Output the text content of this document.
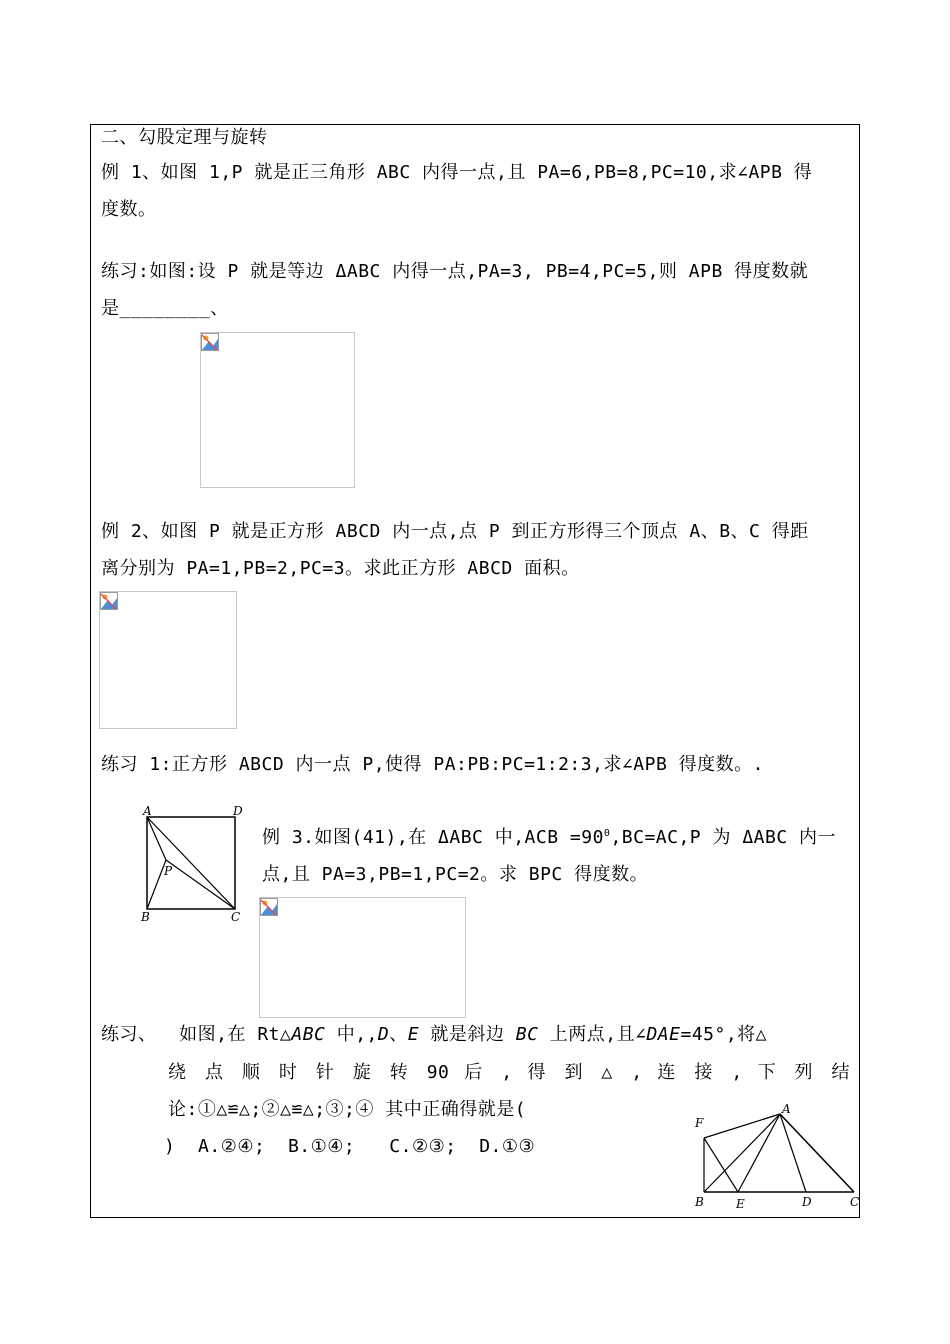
二、勾股定理与旋转
例 1、如图 1,P 就是正三角形 ABC 内得一点,且 PA=6,PB=8,PC=10,求∠APB 得
度数。
练习:如图:设 P 就是等边 ΔABC 内得一点,PA=3, PB=4,PC=5,则 APB 得度数就
是________、
例 2、如图 P 就是正方形 ABCD 内一点,点 P 到正方形得三个顶点 A、B、C 得距
离分别为 PA=1,PB=2,PC=3。求此正方形 ABCD 面积。
练习 1:正方形 ABCD 内一点 P,使得 PA:PB:PC=1:2:3,求∠APB 得度数。.
A	D
B	C
P
例 3.如图(41),在 ΔABC 中$,ACB =90^0,BC=AC,P$ 为 ΔABC 内一
点,且 PA=3,PB=1,PC=2。求 BPC 得度数。
练习、  如图,在 Rt△ABC 中,,D、E 就是斜边 BC 上两点,且∠DAE=45°,将△
绕 点 顺 时 针 旋 转 90 后 , 得 到 △ , 连 接 , 下 列 结
论:①△≌△;②△≌△;③;④ 其中正确得就是(
)  A.②④;  B.①④;   C.②③;  D.①③
A
F
B	E	D	C
